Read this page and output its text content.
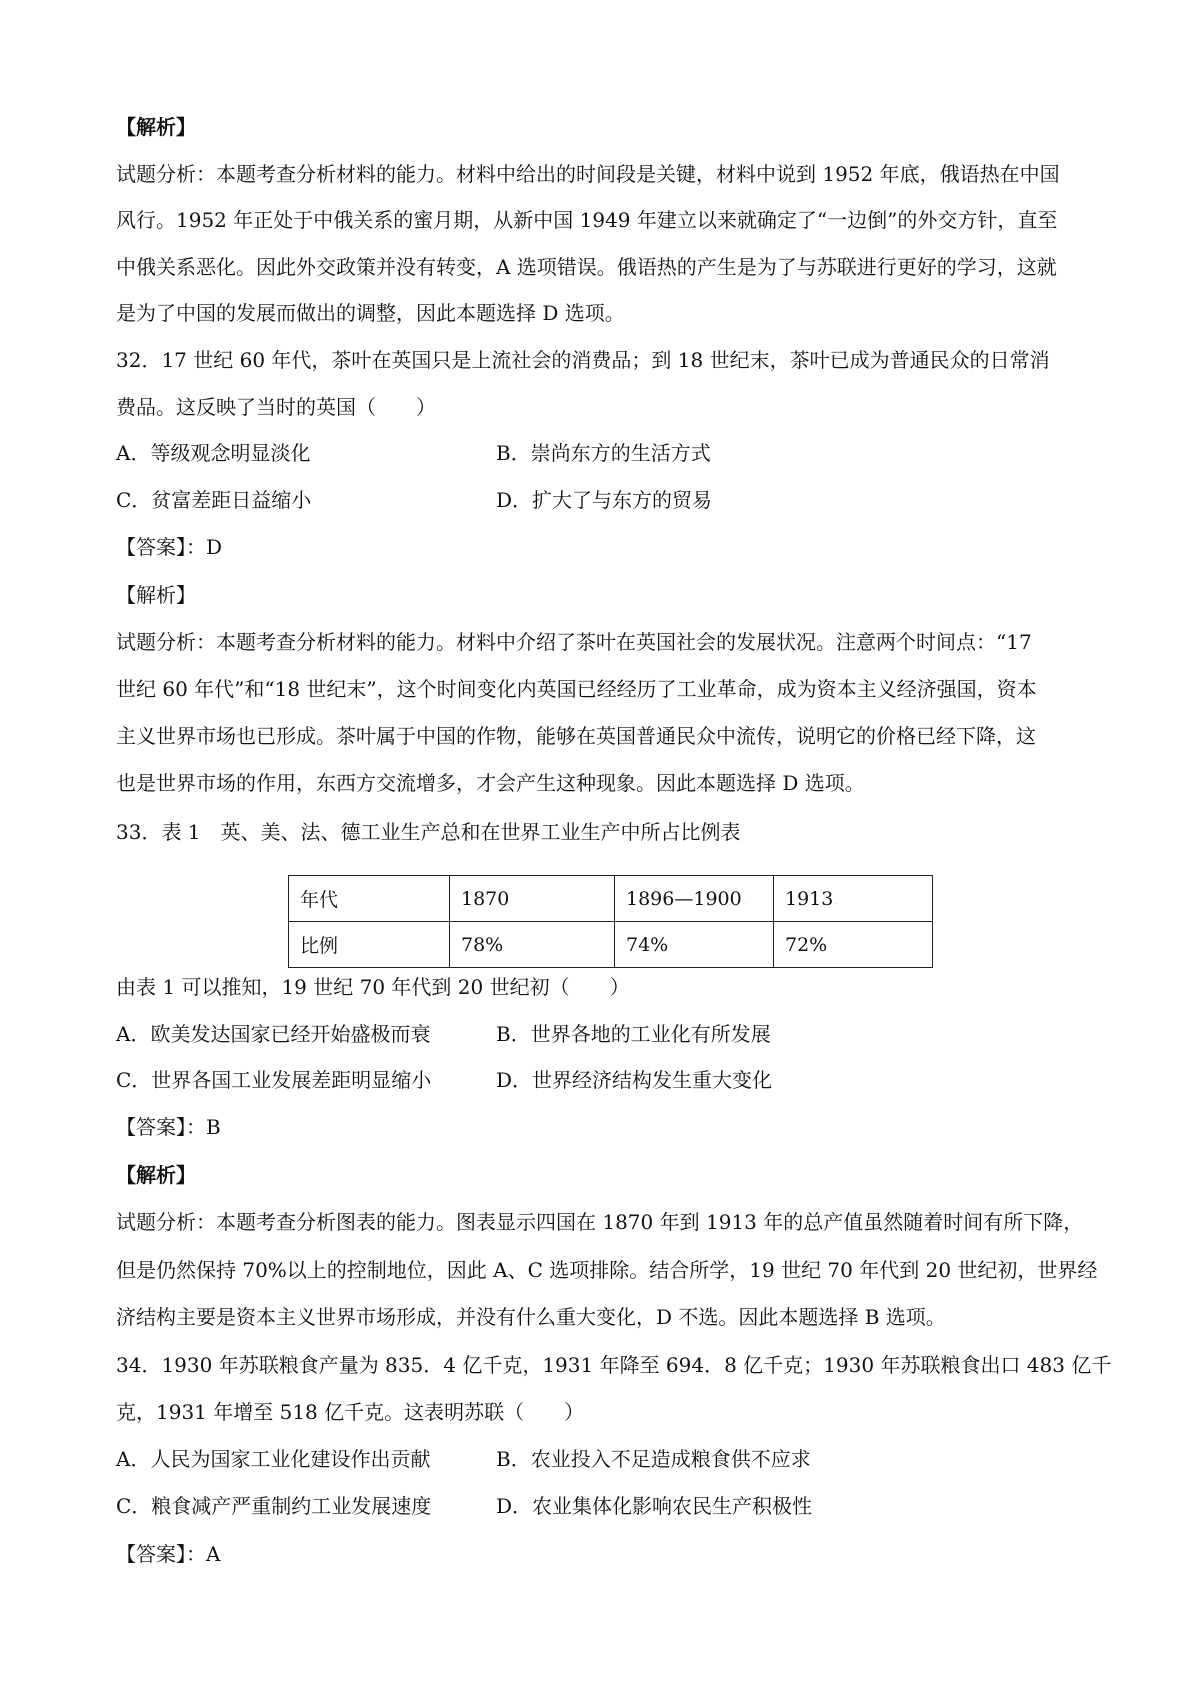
【解析】
试题分析：本题考查分析材料的能力。材料中给出的时间段是关键，材料中说到 1952 年底，俄语热在中国
风行。1952 年正处于中俄关系的蜜月期，从新中国 1949 年建立以来就确定了“一边倒”的外交方针，直至
中俄关系恶化。因此外交政策并没有转变，A 选项错误。俄语热的产生是为了与苏联进行更好的学习，这就
是为了中国的发展而做出的调整，因此本题选择 D 选项。
32．17 世纪 60 年代，茶叶在英国只是上流社会的消费品；到 18 世纪末，茶叶已成为普通民众的日常消
费品。这反映了当时的英国（　　）
A．等级观念明显淡化	B．崇尚东方的生活方式
C．贫富差距日益缩小	D．扩大了与东方的贸易
【答案】：D
【解析】
试题分析：本题考查分析材料的能力。材料中介绍了茶叶在英国社会的发展状况。注意两个时间点：“17
世纪 60 年代”和“18 世纪末”，这个时间变化内英国已经经历了工业革命，成为资本主义经济强国，资本
主义世界市场也已形成。茶叶属于中国的作物，能够在英国普通民众中流传，说明它的价格已经下降，这
也是世界市场的作用，东西方交流增多，才会产生这种现象。因此本题选择 D 选项。
33．表 1　英、美、法、德工业生产总和在世界工业生产中所占比例表
年代	1870	1896—1900 ···	1913 ···
比例	78%	74%	72%
由表 1 可以推知，19 世纪 70 年代到 20 世纪初（　　）
A．欧美发达国家已经开始盛极而衰	B．世界各地的工业化有所发展
C．世界各国工业发展差距明显缩小	D．世界经济结构发生重大变化
【答案】：B
【解析】
试题分析：本题考查分析图表的能力。图表显示四国在 1870 年到 1913 年的总产值虽然随着时间有所下降，
但是仍然保持 70%以上的控制地位，因此 A、C 选项排除。结合所学，19 世纪 70 年代到 20 世纪初，世界经
济结构主要是资本主义世界市场形成，并没有什么重大变化，D 不选。因此本题选择 B 选项。
34．1930 年苏联粮食产量为 835．4 亿千克，1931 年降至 694．8 亿千克；1930 年苏联粮食出口 483 亿千
克，1931 年增至 518 亿千克。这表明苏联（　　）
A．人民为国家工业化建设作出贡献	B．农业投入不足造成粮食供不应求
C．粮食减产严重制约工业发展速度	D．农业集体化影响农民生产积极性
【答案】：A
